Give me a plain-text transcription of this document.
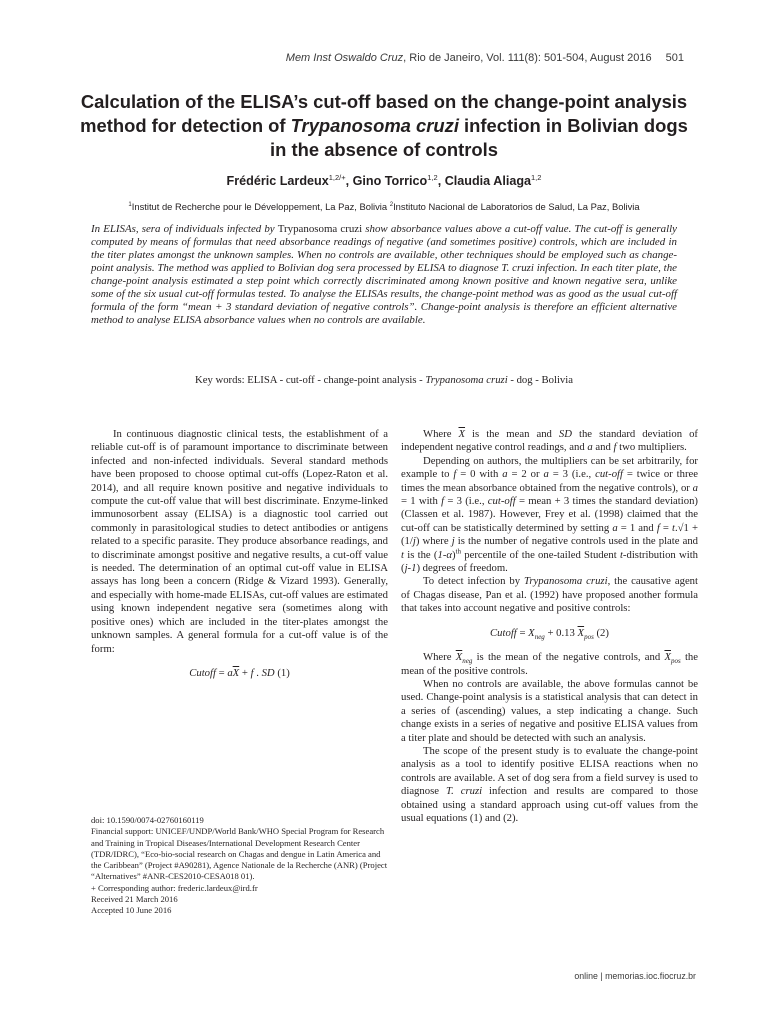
Mem Inst Oswaldo Cruz, Rio de Janeiro, Vol. 111(8): 501-504, August 2016 501
Calculation of the ELISA’s cut-off based on the change-point analysis method for detection of Trypanosoma cruzi infection in Bolivian dogs in the absence of controls
Frédéric Lardeux$^{1,2/+}$, Gino Torrico$^{1,2}$, Claudia Aliaga$^{1,2}$
$^1$Institut de Recherche pour le Développement, La Paz, Bolivia $^2$Instituto Nacional de Laboratorios de Salud, La Paz, Bolivia
In ELISAs, sera of individuals infected by Trypanosoma cruzi show absorbance values above a cut-off value. The cut-off is generally computed by means of formulas that need absorbance readings of negative (and sometimes positive) controls, which are included in the titer plates amongst the unknown samples. When no controls are available, other techniques should be employed such as change-point analysis. The method was applied to Bolivian dog sera processed by ELISA to diagnose T. cruzi infection. In each titer plate, the change-point analysis estimated a step point which correctly discriminated among known positive and known negative sera, unlike some of the six usual cut-off formulas tested. To analyse the ELISAs results, the change-point method was as good as the usual cut-off formula of the form “mean + 3 standard deviation of negative controls”. Change-point analysis is therefore an efficient alternative method to analyse ELISA absorbance values when no controls are available.
Key words: ELISA - cut-off - change-point analysis - Trypanosoma cruzi - dog - Bolivia

In continuous diagnostic clinical tests, the establishment of a reliable cut-off is of paramount importance to discriminate between infected and non-infected individuals. Several standard methods have been proposed to choose optimal cut-offs (Lopez-Raton et al. 2014), and all require known positive and negative individuals to compute the cut-off value that will best discriminate. Enzyme-linked immunosorbent assay (ELISA) is a diagnostic tool carried out commonly in parasitological studies to detect antibodies or antigens related to a specific parasite. They produce absorbance readings, and to discriminate amongst positive and negative results, a cut-off value is needed. The determination of an optimal cut-off value in ELISA assays has long been a concern (Ridge & Vizard 1993). Generally, and especially with home-made ELISAs, cut-off values are estimated using known independent negative sera (sometimes along with positive ones) which are included in the titer-plates amongst the unknown samples. A general formula for a cut-off value is of the form:

Cutoff = $a\overline{X} + f$ . SD (1)
doi: 10.1590/0074-02760160119
Financial support: UNICEF/UNDP/World Bank/WHO Special Program for Research and Training in Tropical Diseases/International Development Research Center (TDR/IDRC), “Eco-bio-social research on Chagas and dengue in Latin America and the Caribbean” (Project #A90281), Agence Nationale de la Recherche (ANR) (Project “Alternatives” #ANR-CES2010-CESA018 01).
+ Corresponding author: frederic.lardeux@ird.fr
Received 21 March 2016
Accepted 10 June 2016

Where $\overline{X}$ is the mean and SD the standard deviation of independent negative control readings, and a and f two multipliers.

Depending on authors, the multipliers can be set arbitrarily, for example to f = 0 with a = 2 or a = 3 (i.e., cut-off = twice or three times the mean absorbance obtained from the negative controls), or a = 1 with f = 3 (i.e., cut-off = mean + 3 times the standard deviation) (Classen et al. 1987). However, Frey et al. (1998) claimed that the cut-off can be statistically determined by setting a = 1 and f = t.√1 + (1/j) where j is the number of negative controls used in the plate and t is the $(1-\alpha)^{th}$ percentile of the one-tailed Student t-distribution with (j-1) degrees of freedom.

To detect infection by Trypanosoma cruzi, the causative agent of Chagas disease, Pan et al. (1992) have proposed another formula that takes into account negative and positive controls:

Cutoff = $X_{neg} + 0.13$ $\overline{X}_{pos}$ (2)

Where $\overline{X}_{neg}$ is the mean of the negative controls, and $\overline{X}_{pos}$ the mean of the positive controls.

When no controls are available, the above formulas cannot be used. Change-point analysis is a statistical analysis that can detect in a series of (ascending) values, a step indicating a change. Such change exists in a series of negative and positive ELISA values from a titer plate and should be detected with such an analysis.

The scope of the present study is to evaluate the change-point analysis as a tool to identify positive ELISA reactions when no controls are available. A set of dog sera from a field survey is used to diagnose T. cruzi infection and results are compared to those obtained using a standard approach using cut-off values from the usual equations (1) and (2).

online | memorias.ioc.fiocruz.br
